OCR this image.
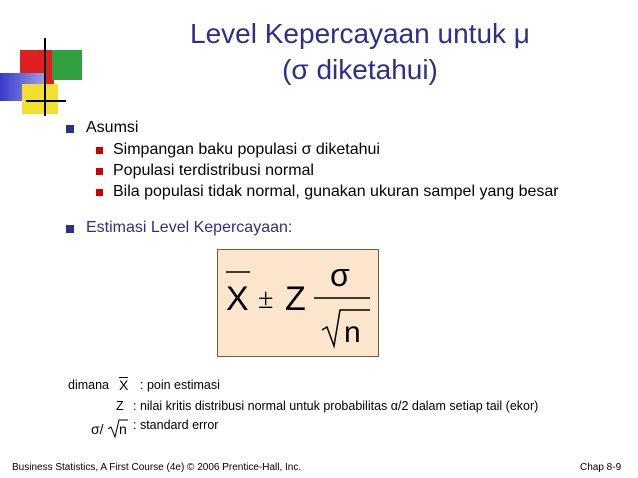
Level Kepercayaan untuk μ
(σ diketahui)
Asumsi
Simpangan baku populasi σ diketahui
Populasi terdistribusi normal
Bila populasi tidak normal, gunakan ukuran sampel yang besar
Estimasi Level Kepercayaan:
X ± Z
σ
n
dimana X : poin estimasi
Z : nilai kritis distribusi normal untuk probabilitas α/2 dalam setiap tail (ekor)
σ/ n : standard error
Business Statistics, A First Course (4e) © 2006 Prentice-Hall, Inc.	Chap 8-9
